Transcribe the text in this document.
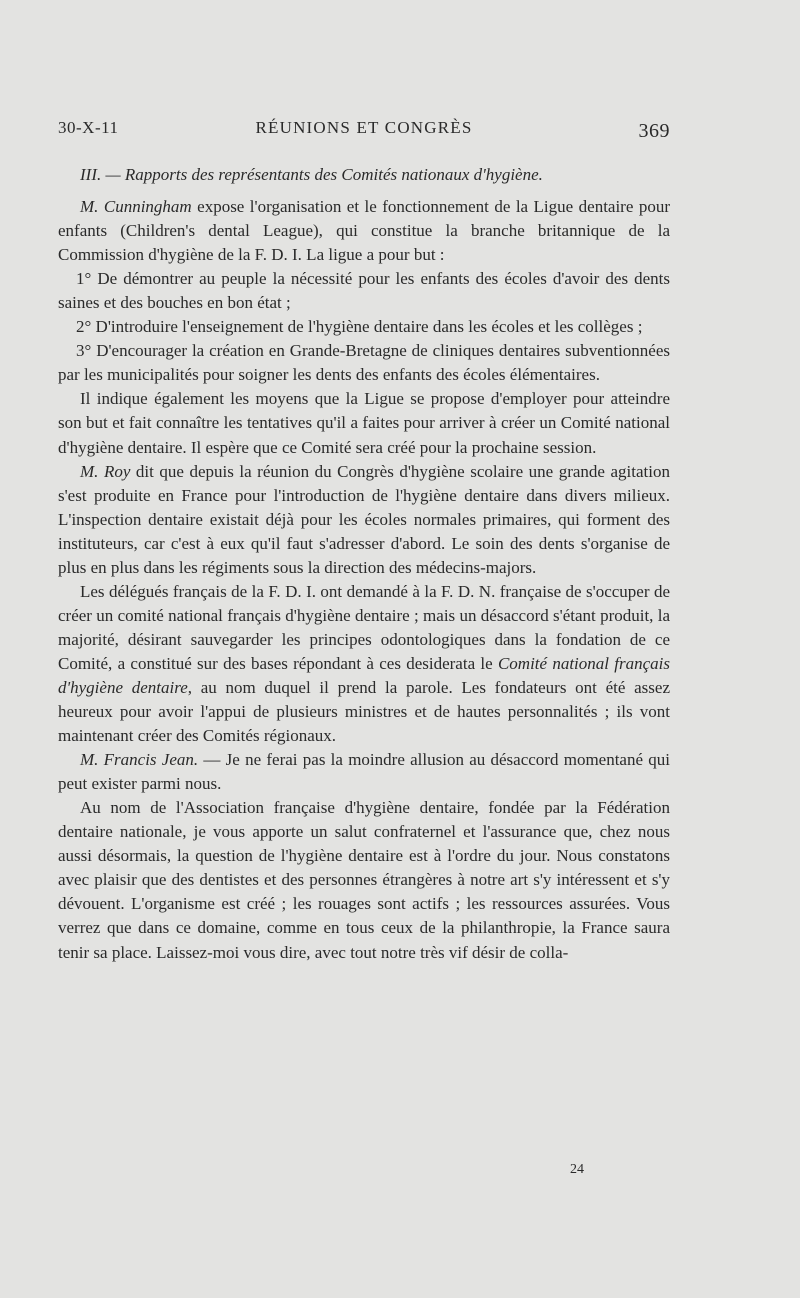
30-X-11	RÉUNIONS ET CONGRÈS	369

III. — Rapports des représentants des Comités nationaux d'hygiène.

M. Cunningham expose l'organisation et le fonctionnement de la Ligue dentaire pour enfants (Children's dental League), qui constitue la branche britannique de la Commission d'hygiène de la F. D. I. La ligue a pour but :

1° De démontrer au peuple la nécessité pour les enfants des écoles d'avoir des dents saines et des bouches en bon état ;

2° D'introduire l'enseignement de l'hygiène dentaire dans les écoles et les collèges ;

3° D'encourager la création en Grande-Bretagne de cliniques dentaires subventionnées par les municipalités pour soigner les dents des enfants des écoles élémentaires.

Il indique également les moyens que la Ligue se propose d'employer pour atteindre son but et fait connaître les tentatives qu'il a faites pour arriver à créer un Comité national d'hygiène dentaire. Il espère que ce Comité sera créé pour la prochaine session.

M. Roy dit que depuis la réunion du Congrès d'hygiène scolaire une grande agitation s'est produite en France pour l'introduction de l'hygiène dentaire dans divers milieux. L'inspection dentaire existait déjà pour les écoles normales primaires, qui forment des instituteurs, car c'est à eux qu'il faut s'adresser d'abord. Le soin des dents s'organise de plus en plus dans les régiments sous la direction des médecins-majors.

Les délégués français de la F. D. I. ont demandé à la F. D. N. française de s'occuper de créer un comité national français d'hygiène dentaire ; mais un désaccord s'étant produit, la majorité, désirant sauvegarder les principes odontologiques dans la fondation de ce Comité, a constitué sur des bases répondant à ces desiderata le Comité national français d'hygiène dentaire, au nom duquel il prend la parole. Les fondateurs ont été assez heureux pour avoir l'appui de plusieurs ministres et de hautes personnalités ; ils vont maintenant créer des Comités régionaux.

M. Francis Jean. — Je ne ferai pas la moindre allusion au désaccord momentané qui peut exister parmi nous.

Au nom de l'Association française d'hygiène dentaire, fondée par la Fédération dentaire nationale, je vous apporte un salut confraternel et l'assurance que, chez nous aussi désormais, la question de l'hygiène dentaire est à l'ordre du jour. Nous constatons avec plaisir que des dentistes et des personnes étrangères à notre art s'y intéressent et s'y dévouent. L'organisme est créé ; les rouages sont actifs ; les ressources assurées. Vous verrez que dans ce domaine, comme en tous ceux de la philanthropie, la France saura tenir sa place. Laissez-moi vous dire, avec tout notre très vif désir de colla-

24
